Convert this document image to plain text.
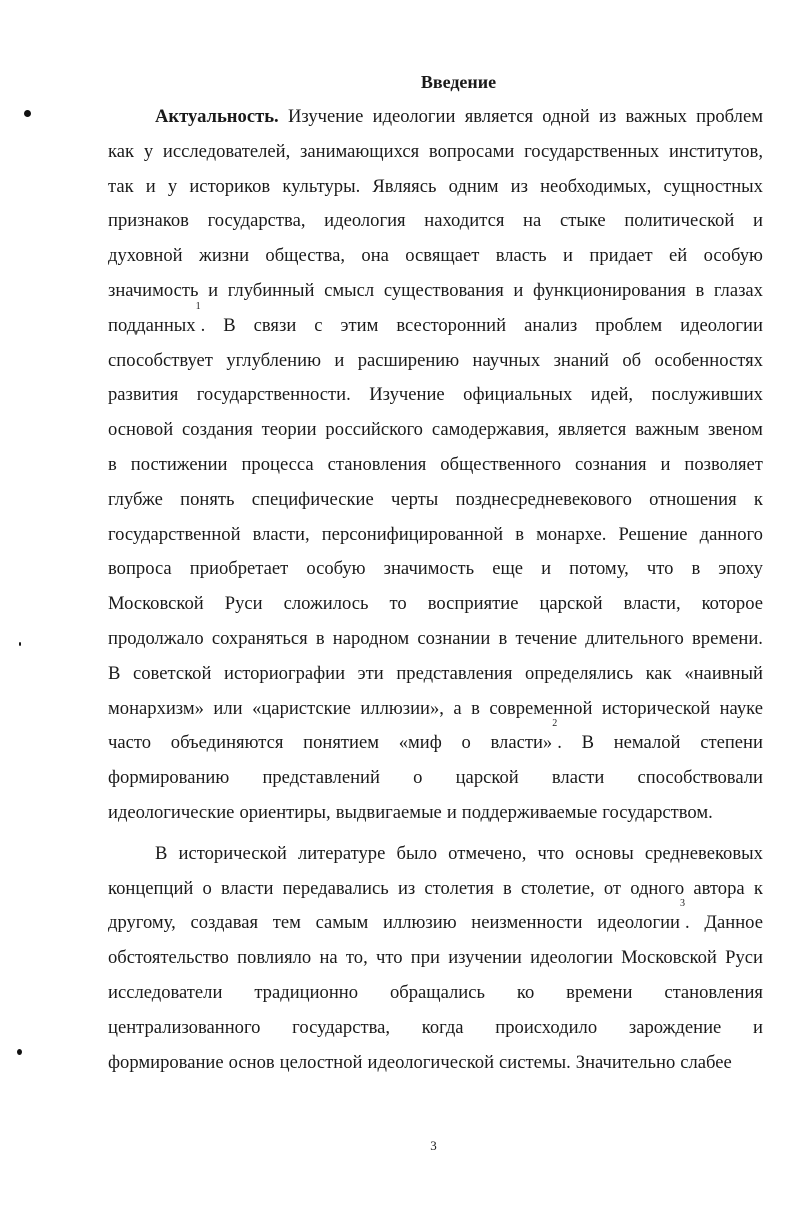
Введение
Актуальность. Изучение идеологии является одной из важных проблем
как у исследователей, занимающихся вопросами государственных институтов,
так и у историков культуры. Являясь одним из необходимых, сущностных
признаков государства, идеология находится на стыке политической и
духовной жизни общества, она освящает власть и придает ей особую
значимость и глубинный смысл существования и функционирования в глазах
подданных$^1$. В связи с этим всесторонний анализ проблем идеологии
способствует углублению и расширению научных знаний об особенностях
развития государственности. Изучение официальных идей, послуживших
основой создания теории российского самодержавия, является важным звеном
в постижении процесса становления общественного сознания и позволяет
глубже понять специфические черты позднесредневекового отношения к
государственной власти, персонифицированной в монархе. Решение данного
вопроса приобретает особую значимость еще и потому, что в эпоху
Московской Руси сложилось то восприятие царской власти, которое
продолжало сохраняться в народном сознании в течение длительного времени.
В советской историографии эти представления определялись как «наивный
монархизм» или «царистские иллюзии», а в современной исторической науке
часто объединяются понятием «миф о власти»$^2$. В немалой степени
формированию представлений о царской власти способствовали
идеологические ориентиры, выдвигаемые и поддерживаемые государством.
В исторической литературе было отмечено, что основы средневековых
концепций о власти передавались из столетия в столетие, от одного автора к
другому, создавая тем самым иллюзию неизменности идеологии$^3$. Данное
обстоятельство повлияло на то, что при изучении идеологии Московской Руси
исследователи традиционно обращались ко времени становления
централизованного государства, когда происходило зарождение и
формирование основ целостной идеологической системы. Значительно слабее
3
